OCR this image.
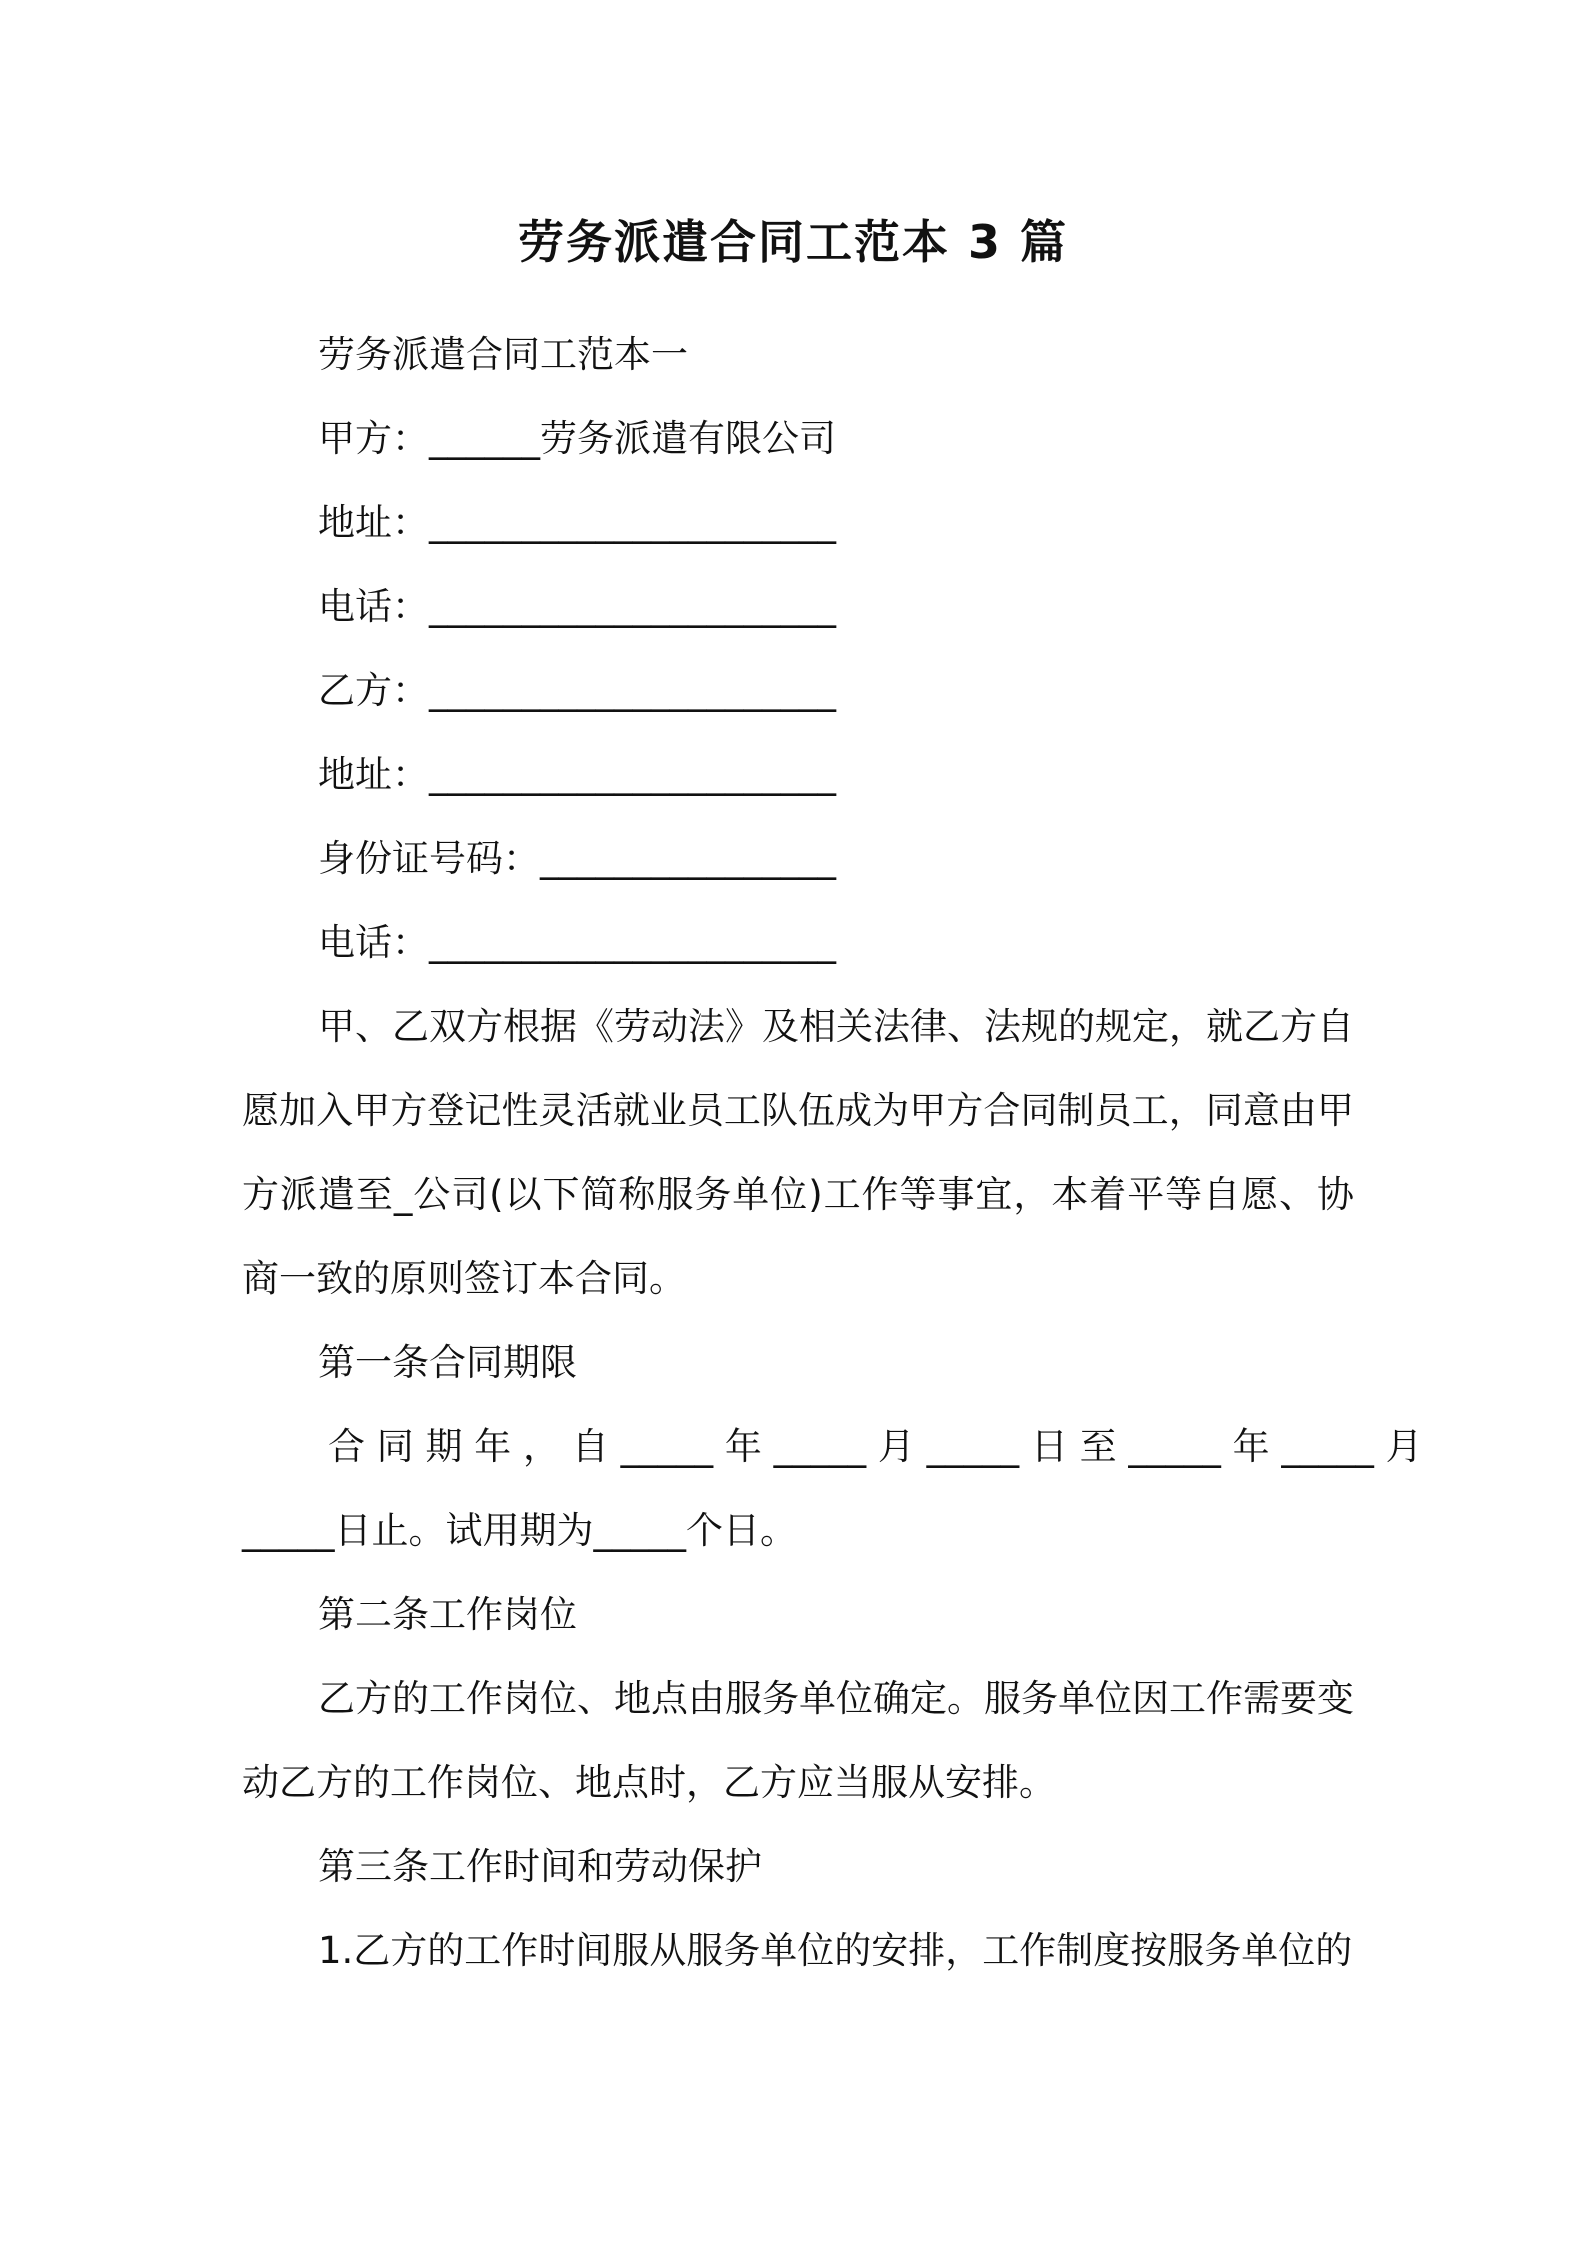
劳务派遣合同工范本 3 篇
劳务派遣合同工范本一
甲方：______劳务派遣有限公司
地址：______________________
电话：______________________
乙方：______________________
地址：______________________
身份证号码：________________
电话：______________________

甲、乙双方根据《劳动法》及相关法律、法规的规定，就乙方自愿加入甲方登记性灵活就业员工队伍成为甲方合同制员工，同意由甲方派遣至_公司(以下简称服务单位)工作等事宜，本着平等自愿、协商一致的原则签订本合同。

第一条合同期限
合 同 期 年 ， 自 _____ 年 _____ 月 _____ 日 至 _____ 年 _____ 月
_____日止。试用期为_____个日。
第二条工作岗位

乙方的工作岗位、地点由服务单位确定。服务单位因工作需要变动乙方的工作岗位、地点时，乙方应当服从安排。

第三条工作时间和劳动保护
1.乙方的工作时间服从服务单位的安排，工作制度按服务单位的
